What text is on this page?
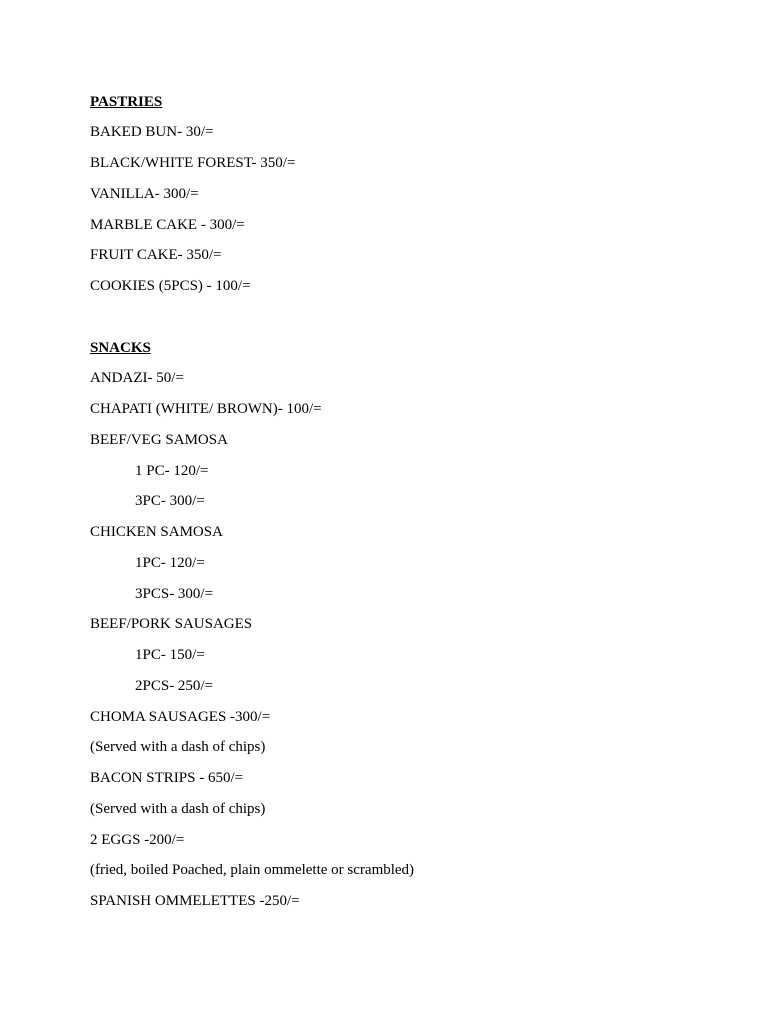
PASTRIES
BAKED BUN- 30/=
BLACK/WHITE FOREST- 350/=
VANILLA- 300/=
MARBLE CAKE - 300/=
FRUIT CAKE- 350/=
COOKIES (5PCS) - 100/=
SNACKS
ANDAZI- 50/=
CHAPATI (WHITE/ BROWN)- 100/=
BEEF/VEG SAMOSA
1 PC- 120/=
3PC- 300/=
CHICKEN SAMOSA
1PC- 120/=
3PCS- 300/=
BEEF/PORK SAUSAGES
1PC- 150/=
2PCS- 250/=
CHOMA SAUSAGES -300/=
(Served with a dash of chips)
BACON STRIPS - 650/=
(Served with a dash of chips)
2 EGGS -200/=
(fried, boiled Poached, plain ommelette or scrambled)
SPANISH OMMELETTES -250/=
